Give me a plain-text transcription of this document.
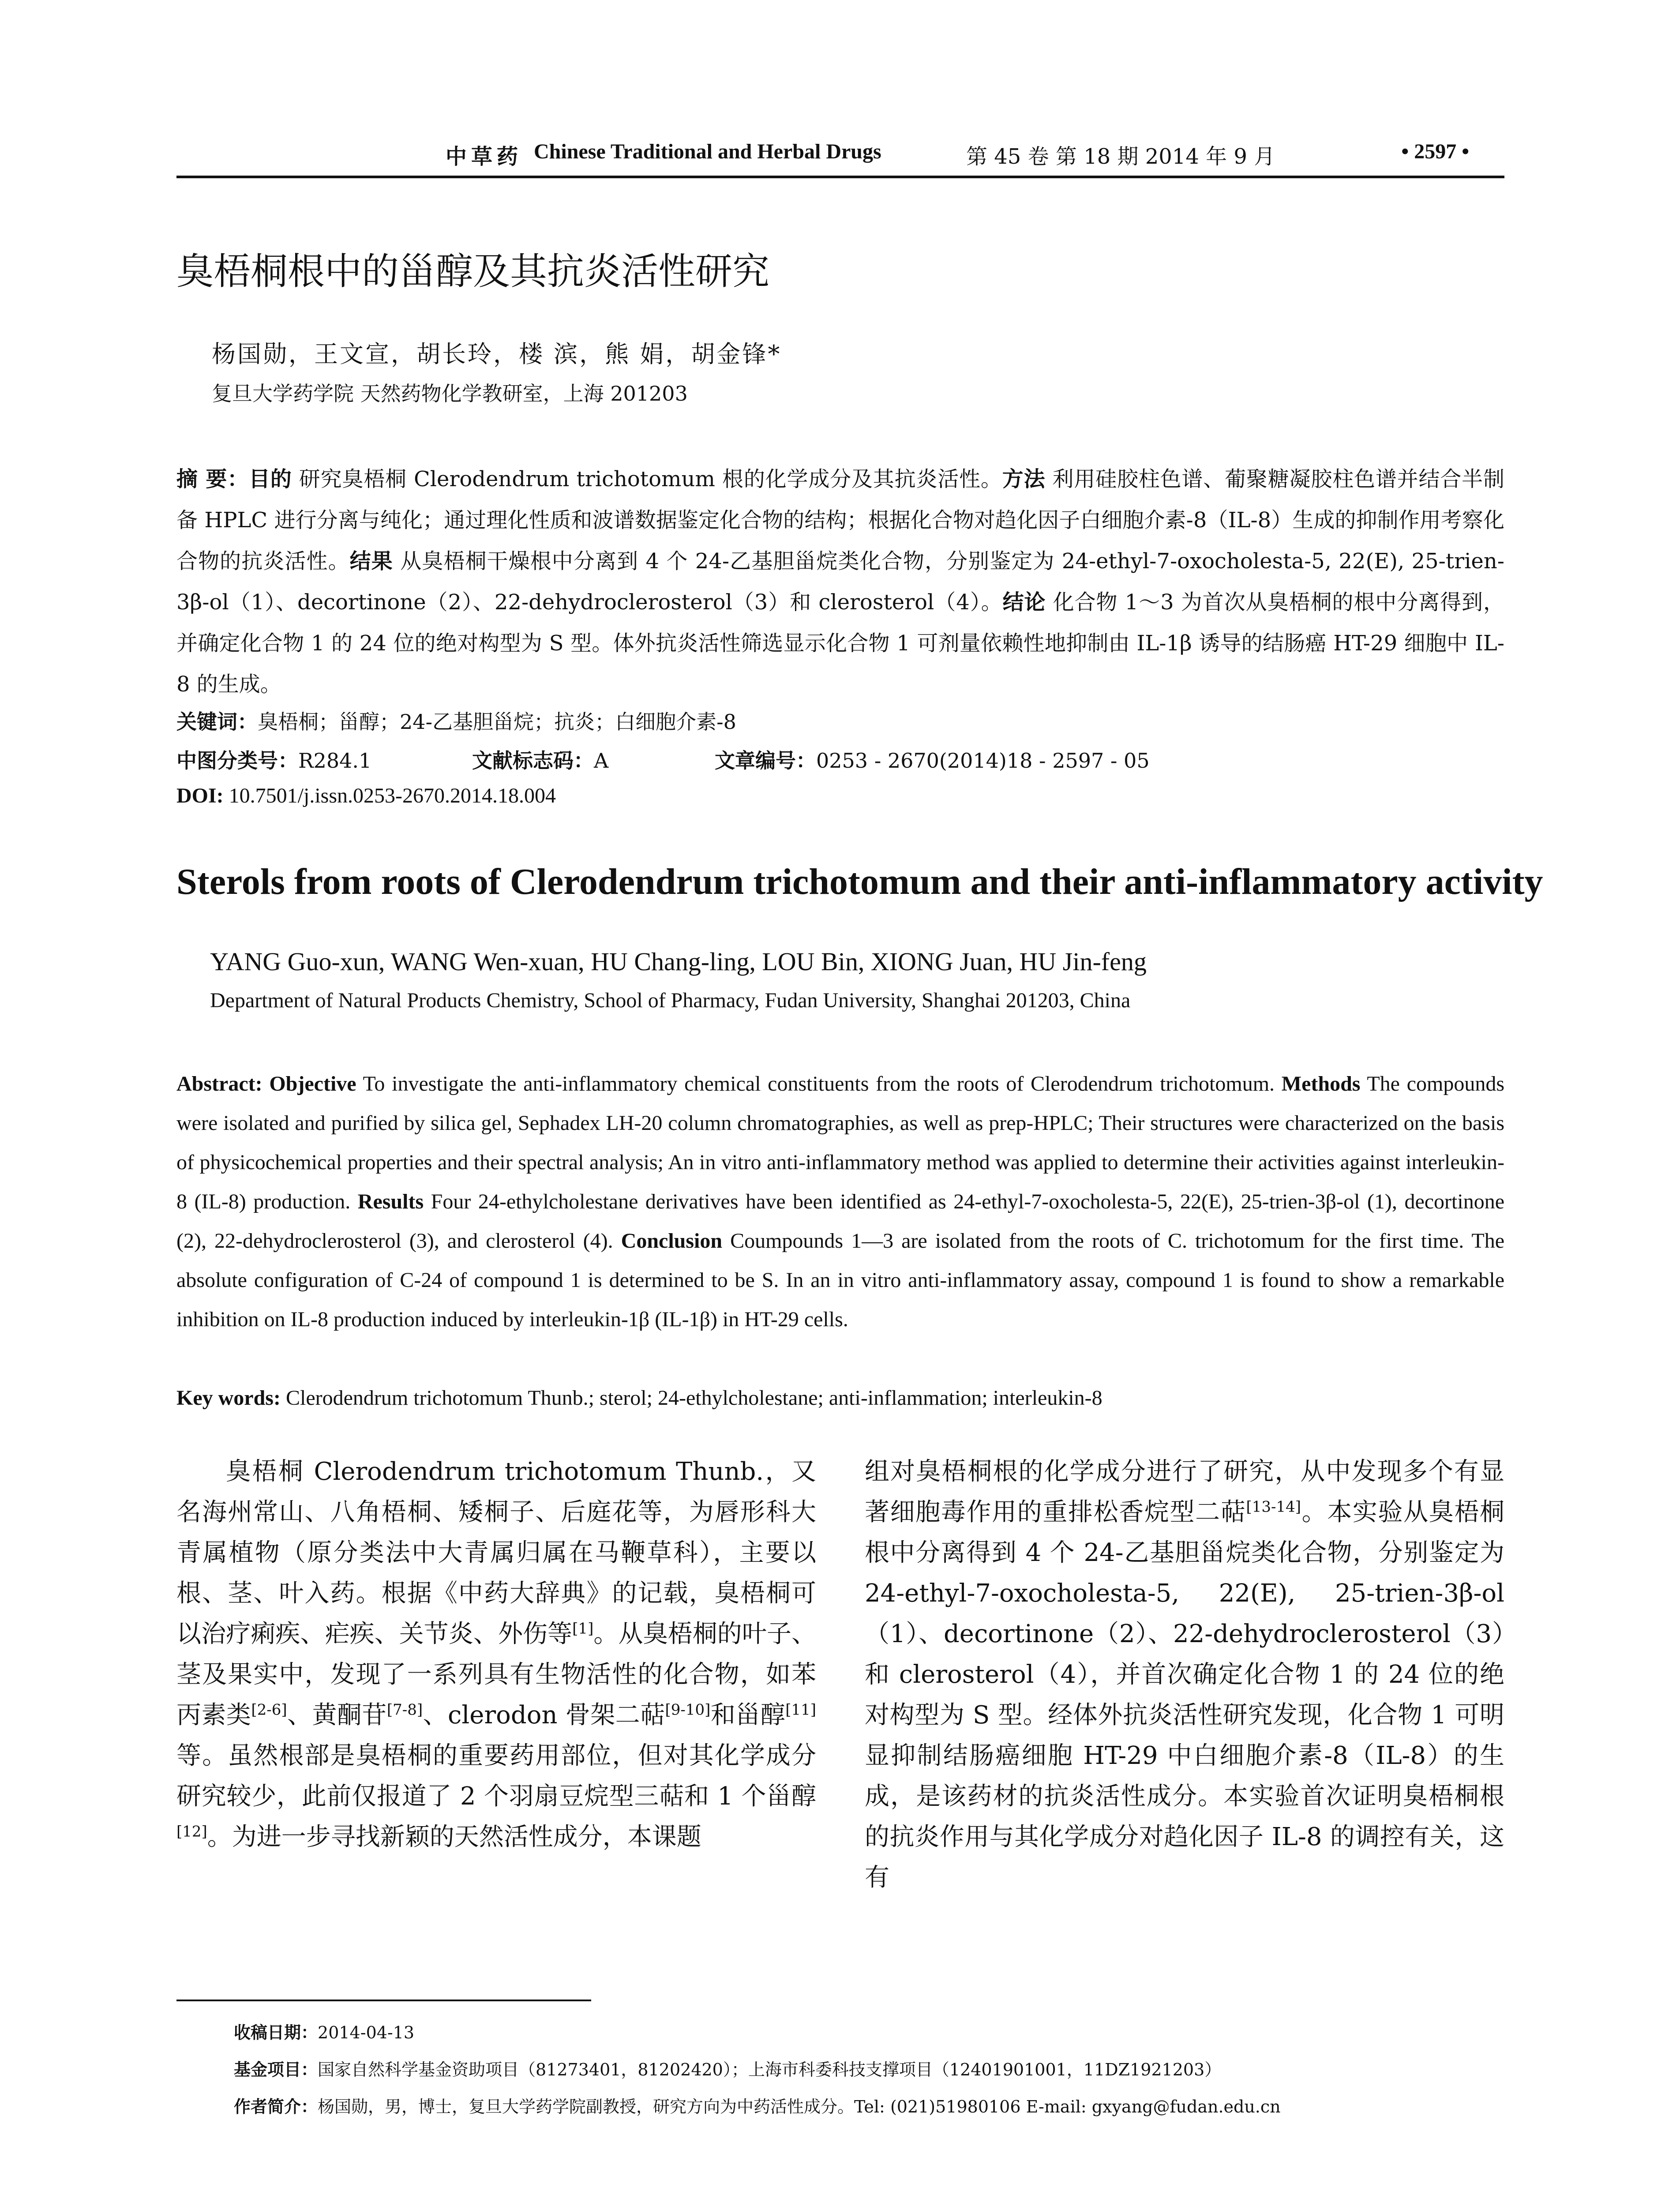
中草药 Chinese Traditional and Herbal Drugs	第 45 卷 第 18 期 2014 年 9 月	• 2597 •
臭梧桐根中的甾醇及其抗炎活性研究
杨国勋，王文宣，胡长玲，楼 滨，熊 娟，胡金锋*
复旦大学药学院 天然药物化学教研室，上海 201203
摘 要：目的 研究臭梧桐 Clerodendrum trichotomum 根的化学成分及其抗炎活性。方法 利用硅胶柱色谱、葡聚糖凝胶柱色谱并结合半制备 HPLC 进行分离与纯化；通过理化性质和波谱数据鉴定化合物的结构；根据化合物对趋化因子白细胞介素-8（IL-8）生成的抑制作用考察化合物的抗炎活性。结果 从臭梧桐干燥根中分离到 4 个 24-乙基胆甾烷类化合物，分别鉴定为 24-ethyl-7-oxocholesta-5, 22(E), 25-trien-3β-ol（1）、decortinone（2）、22-dehydroclerosterol（3）和 clerosterol（4）。结论 化合物 1～3 为首次从臭梧桐的根中分离得到，并确定化合物 1 的 24 位的绝对构型为 S 型。体外抗炎活性筛选显示化合物 1 可剂量依赖性地抑制由 IL-1β 诱导的结肠癌 HT-29 细胞中 IL-8 的生成。
关键词：臭梧桐；甾醇；24-乙基胆甾烷；抗炎；白细胞介素-8
中图分类号：R284.1	文献标志码：A	文章编号：0253 - 2670(2014)18 - 2597 - 05
DOI: 10.7501/j.issn.0253-2670.2014.18.004
Sterols from roots of Clerodendrum trichotomum and their anti-inflammatory activity
YANG Guo-xun, WANG Wen-xuan, HU Chang-ling, LOU Bin, XIONG Juan, HU Jin-feng
Department of Natural Products Chemistry, School of Pharmacy, Fudan University, Shanghai 201203, China
Abstract: Objective To investigate the anti-inflammatory chemical constituents from the roots of Clerodendrum trichotomum. Methods The compounds were isolated and purified by silica gel, Sephadex LH-20 column chromatographies, as well as prep-HPLC; Their structures were characterized on the basis of physicochemical properties and their spectral analysis; An in vitro anti-inflammatory method was applied to determine their activities against interleukin-8 (IL-8) production. Results Four 24-ethylcholestane derivatives have been identified as 24-ethyl-7-oxocholesta-5, 22(E), 25-trien-3β-ol (1), decortinone (2), 22-dehydroclerosterol (3), and clerosterol (4). Conclusion Coumpounds 1—3 are isolated from the roots of C. trichotomum for the first time. The absolute configuration of C-24 of compound 1 is determined to be S. In an in vitro anti-inflammatory assay, compound 1 is found to show a remarkable inhibition on IL-8 production induced by interleukin-1β (IL-1β) in HT-29 cells.
Key words: Clerodendrum trichotomum Thunb.; sterol; 24-ethylcholestane; anti-inflammation; interleukin-8
臭梧桐 Clerodendrum trichotomum Thunb.，又名海州常山、八角梧桐、矮桐子、后庭花等，为唇形科大青属植物（原分类法中大青属归属在马鞭草科），主要以根、茎、叶入药。根据《中药大辞典》的记载，臭梧桐可以治疗痢疾、疟疾、关节炎、外伤等[1]。从臭梧桐的叶子、茎及果实中，发现了一系列具有生物活性的化合物，如苯丙素类[2-6]、黄酮苷[7-8]、clerodon 骨架二萜[9-10]和甾醇[11]等。虽然根部是臭梧桐的重要药用部位，但对其化学成分研究较少，此前仅报道了 2 个羽扇豆烷型三萜和 1 个甾醇[12]。为进一步寻找新颖的天然活性成分，本课题
组对臭梧桐根的化学成分进行了研究，从中发现多个有显著细胞毒作用的重排松香烷型二萜[13-14]。本实验从臭梧桐根中分离得到 4 个 24-乙基胆甾烷类化合物，分别鉴定为 24-ethyl-7-oxocholesta-5, 22(E), 25-trien-3β-ol（1）、decortinone（2）、22-dehydroclerosterol（3）和 clerosterol（4），并首次确定化合物 1 的 24 位的绝对构型为 S 型。经体外抗炎活性研究发现，化合物 1 可明显抑制结肠癌细胞 HT-29 中白细胞介素-8（IL-8）的生成，是该药材的抗炎活性成分。本实验首次证明臭梧桐根的抗炎作用与其化学成分对趋化因子 IL-8 的调控有关，这有
收稿日期：2014-04-13
基金项目：国家自然科学基金资助项目（81273401，81202420）；上海市科委科技支撑项目（12401901001，11DZ1921203）
作者简介：杨国勋，男，博士，复旦大学药学院副教授，研究方向为中药活性成分。Tel: (021)51980106 E-mail: gxyang@fudan.edu.cn
